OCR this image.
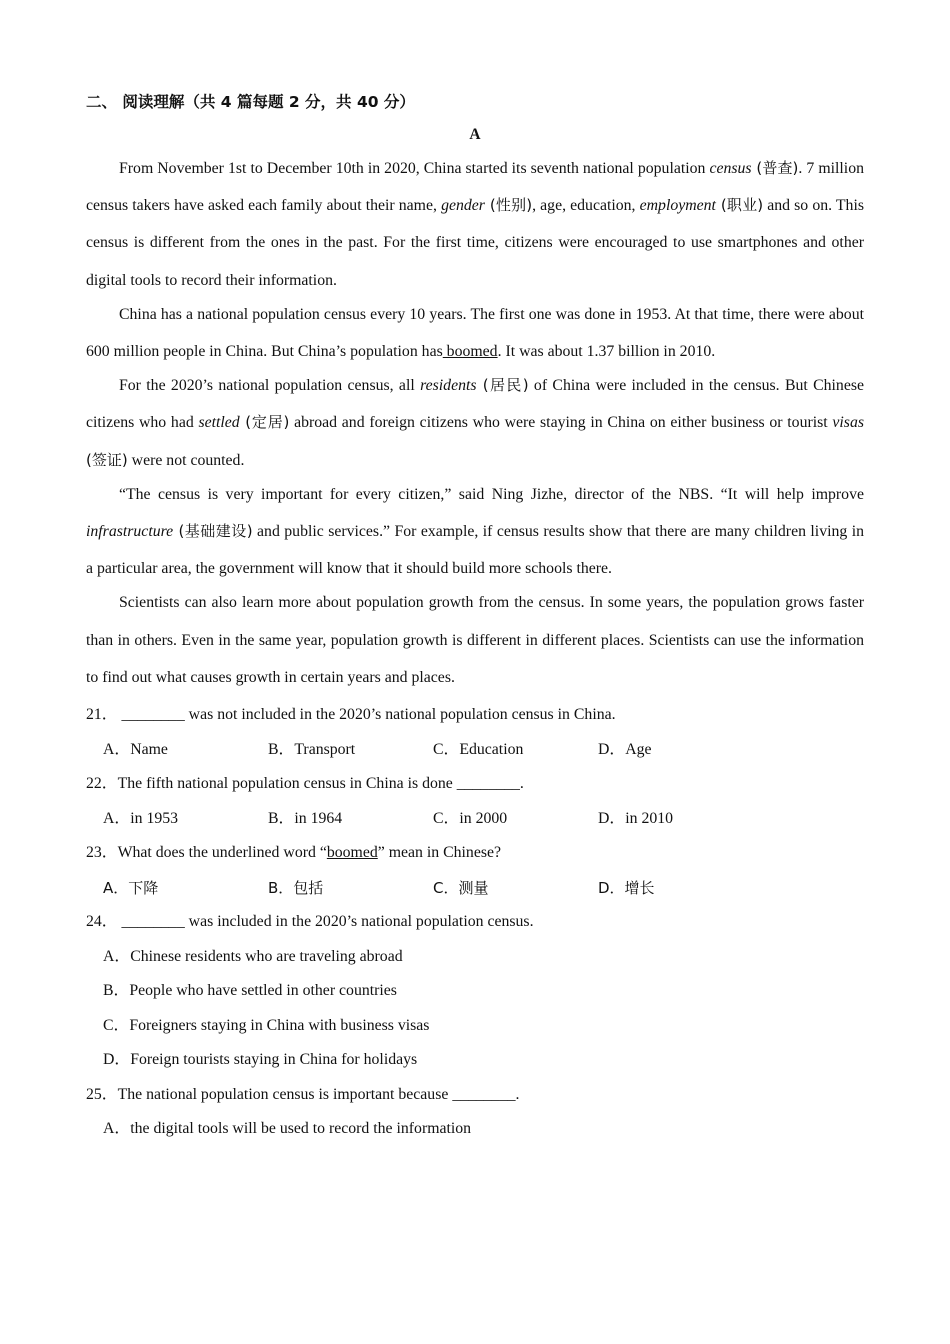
二、 阅读理解（共 4 篇每题 2 分，共 40 分）
A

From November 1st to December 10th in 2020, China started its seventh national population census (普查). 7 million census takers have asked each family about their name, gender (性别), age, education, employment (职业) and so on. This census is different from the ones in the past. For the first time, citizens were encouraged to use smartphones and other digital tools to record their information.

China has a national population census every 10 years. The first one was done in 1953. At that time, there were about 600 million people in China. But China’s population has boomed. It was about 1.37 billion in 2010.

For the 2020’s national population census, all residents (居民) of China were included in the census. But Chinese citizens who had settled (定居) abroad and foreign citizens who were staying in China on either business or tourist visas (签证) were not counted.

“The census is very important for every citizen,” said Ning Jizhe, director of the NBS. “It will help improve infrastructure (基础建设) and public services.” For example, if census results show that there are many children living in a particular area, the government will know that it should build more schools there.

Scientists can also learn more about population growth from the census. In some years, the population grows faster than in others. Even in the same year, population growth is different in different places. Scientists can use the information to find out what causes growth in certain years and places.

21． ________ was not included in the 2020’s national population census in China.
A．Name	B．Transport	C．Education	D．Age
22．The fifth national population census in China is done ________.
A．in 1953	B．in 1964	C．in 2000	D．in 2010
23．What does the underlined word “boomed” mean in Chinese?
A．下降	B．包括	C．测量	D．增长
24． ________ was included in the 2020’s national population census.
A．Chinese residents who are traveling abroad
B．People who have settled in other countries
C．Foreigners staying in China with business visas
D．Foreign tourists staying in China for holidays
25．The national population census is important because ________.
A．the digital tools will be used to record the information
